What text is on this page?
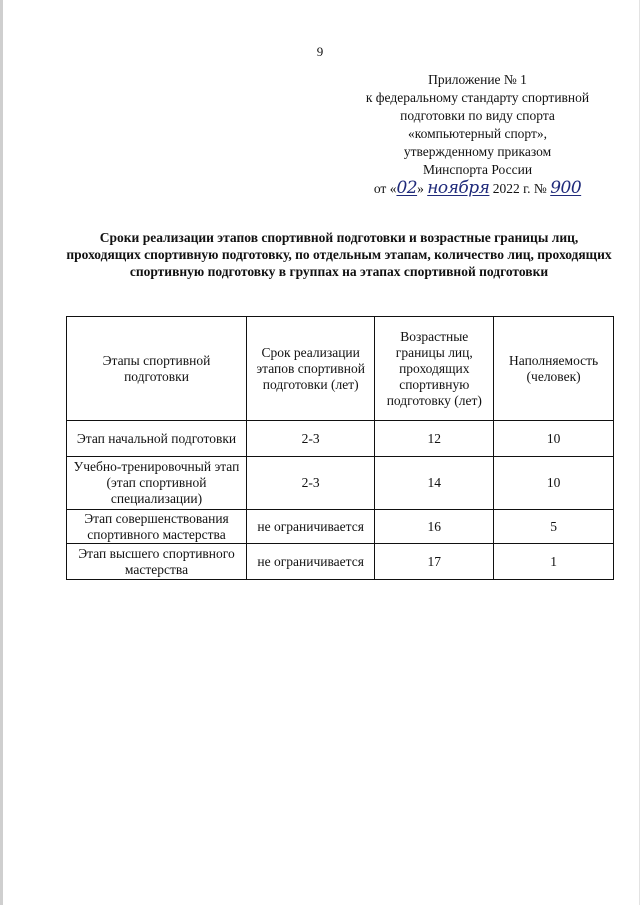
9
Приложение № 1
к федеральному стандарту спортивной
подготовки по виду спорта
«компьютерный спорт»,
утвержденному приказом
Минспорта России
от «02» ноября 2022 г. № 900
Сроки реализации этапов спортивной подготовки и возрастные границы лиц, проходящих спортивную подготовку, по отдельным этапам, количество лиц, проходящих спортивную подготовку в группах на этапах спортивной подготовки
Этапы спортивной подготовки	Срок реализации этапов спортивной подготовки (лет)	Возрастные границы лиц, проходящих спортивную подготовку (лет)	Наполняемость (человек)
Этап начальной подготовки	2-3	12	10
Учебно-тренировочный этап (этап спортивной специализации)	2-3	14	10
Этап совершенствования спортивного мастерства	не ограничивается	16	5
Этап высшего спортивного мастерства	не ограничивается	17	1
